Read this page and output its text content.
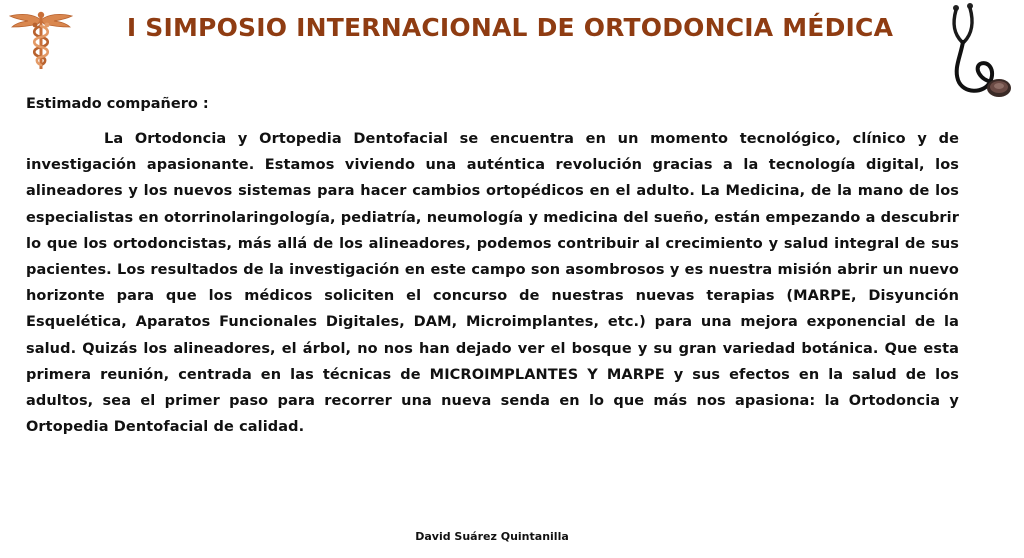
I SIMPOSIO INTERNACIONAL DE ORTODONCIA MÉDICA
Estimado compañero :
La Ortodoncia y Ortopedia Dentofacial se encuentra en un momento tecnológico, clínico y de investigación apasionante. Estamos viviendo una auténtica revolución gracias a la tecnología digital, los alineadores y los nuevos sistemas para hacer cambios ortopédicos en el adulto. La Medicina, de la mano de los especialistas en otorrinolaringología, pediatría, neumología y medicina del sueño, están empezando a descubrir lo que los ortodoncistas, más allá de los alineadores, podemos contribuir al crecimiento y salud integral de sus pacientes. Los resultados de la investigación en este campo son asombrosos y es nuestra misión abrir un nuevo horizonte para que los médicos soliciten el concurso de nuestras nuevas terapias (MARPE, Disyunción Esquelética, Aparatos Funcionales Digitales, DAM, Microimplantes, etc.) para una mejora exponencial de la salud. Quizás los alineadores, el árbol, no nos han dejado ver el bosque y su gran variedad botánica. Que esta primera reunión, centrada en las técnicas de MICROIMPLANTES Y MARPE y sus efectos en la salud de los adultos, sea el primer paso para recorrer una nueva senda en lo que más nos apasiona: la Ortodoncia y Ortopedia Dentofacial de calidad.
David Suárez Quintanilla
